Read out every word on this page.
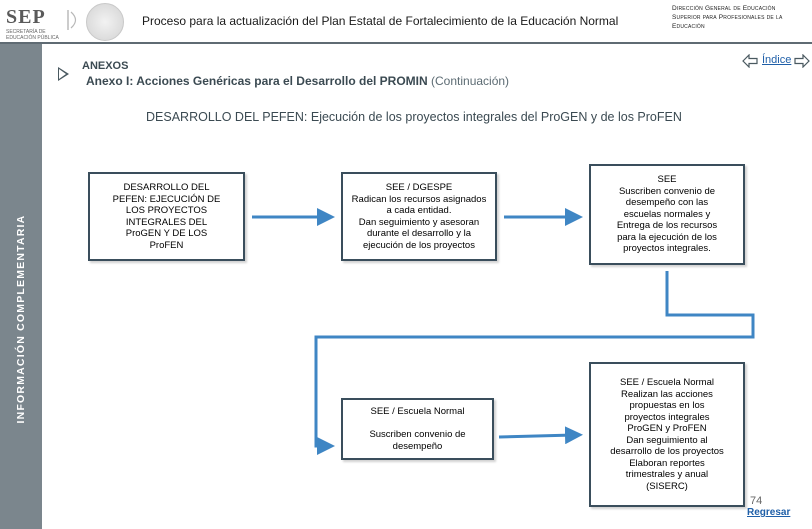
SEP
SECRETARÍA DE EDUCACIÓN PÚBLICA
Proceso para la actualización del Plan Estatal de Fortalecimiento de la Educación Normal
Dirección General de Educación Superior para Profesionales de la Educación
INFORMACIÓN COMPLEMENTARIA
ANEXOS
Anexo I: Acciones Genéricas para el Desarrollo del PROMIN (Continuación)
Índice
DESARROLLO DEL PEFEN: Ejecución de los proyectos integrales del ProGEN y de los ProFEN
DESARROLLO DEL
PEFEN: EJECUCIÓN DE
LOS PROYECTOS
INTEGRALES DEL
ProGEN Y DE LOS
ProFEN
SEE / DGESPE
Radican los recursos asignados
a cada entidad.
Dan seguimiento y asesoran
durante el desarrollo y la
ejecución de los proyectos
SEE
Suscriben convenio de
desempeño con las
escuelas normales y
Entrega de los recursos
para la ejecución de los
proyectos integrales.
SEE / Escuela Normal

Suscriben convenio de
desempeño
SEE / Escuela Normal
Realizan las acciones
propuestas en los
proyectos integrales
ProGEN y ProFEN
Dan seguimiento al
desarrollo de los proyectos
Elaboran reportes
trimestrales y anual
(SISERC)
74
Regresar
